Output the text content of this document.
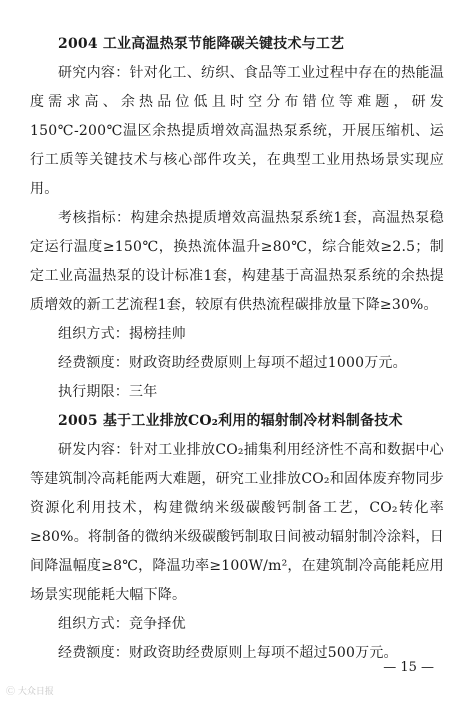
2004 工业高温热泵节能降碳关键技术与工艺

研究内容：针对化工、纺织、食品等工业过程中存在的热能温度需求高、余热品位低且时空分布错位等难题，研发150℃-200℃温区余热提质增效高温热泵系统，开展压缩机、运行工质等关键技术与核心部件攻关，在典型工业用热场景实现应用。

考核指标：构建余热提质增效高温热泵系统1套，高温热泵稳定运行温度≥150℃，换热流体温升≥80℃，综合能效≥2.5；制定工业高温热泵的设计标准1套，构建基于高温热泵系统的余热提质增效的新工艺流程1套，较原有供热流程碳排放量下降≥30%。

组织方式：揭榜挂帅

经费额度：财政资助经费原则上每项不超过1000万元。

执行期限：三年

2005 基于工业排放CO₂利用的辐射制冷材料制备技术

研发内容：针对工业排放CO₂捕集利用经济性不高和数据中心等建筑制冷高耗能两大难题，研究工业排放CO₂和固体废弃物同步资源化利用技术，构建微纳米级碳酸钙制备工艺，CO₂转化率≥80%。将制备的微纳米级碳酸钙制取日间被动辐射制冷涂料，日间降温幅度≥8℃，降温功率≥100W/m²，在建筑制冷高能耗应用场景实现能耗大幅下降。

组织方式：竞争择优

经费额度：财政资助经费原则上每项不超过500万元。

— 15 —
Ⓒ 大众日报
